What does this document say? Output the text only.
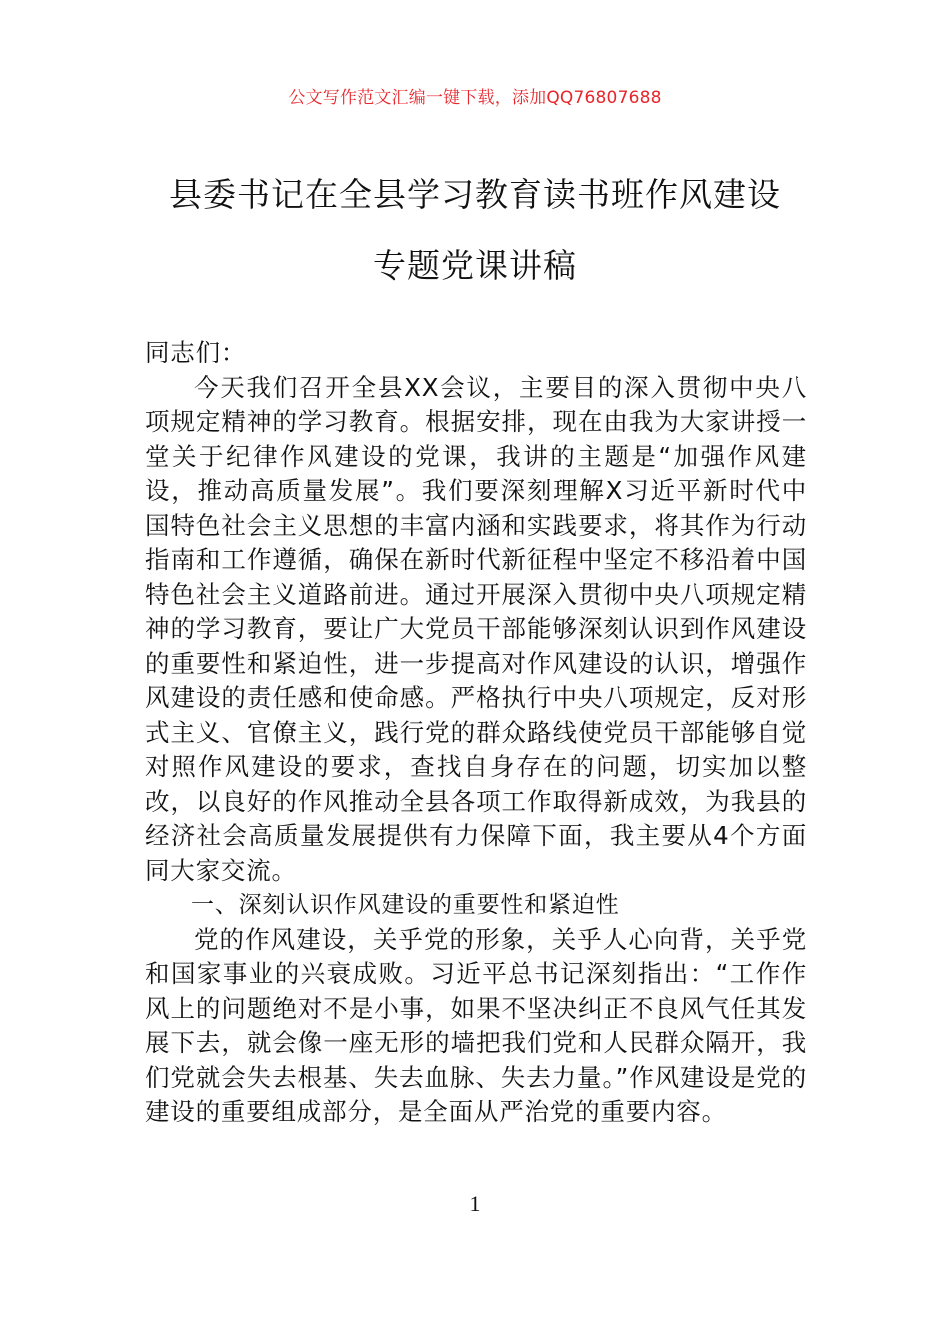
公文写作范文汇编一键下载，添加QQ76807688
县委书记在全县学习教育读书班作风建设
专题党课讲稿

同志们：

今天我们召开全县XX会议，主要目的深入贯彻中央八项规定精神的学习教育。根据安排，现在由我为大家讲授一堂关于纪律作风建设的党课，我讲的主题是“加强作风建设，推动高质量发展”。我们要深刻理解X习近平新时代中国特色社会主义思想的丰富内涵和实践要求，将其作为行动指南和工作遵循，确保在新时代新征程中坚定不移沿着中国特色社会主义道路前进。通过开展深入贯彻中央八项规定精神的学习教育，要让广大党员干部能够深刻认识到作风建设的重要性和紧迫性，进一步提高对作风建设的认识，增强作风建设的责任感和使命感。严格执行中央八项规定，反对形式主义、官僚主义，践行党的群众路线使党员干部能够自觉对照作风建设的要求，查找自身存在的问题，切实加以整改，以良好的作风推动全县各项工作取得新成效，为我县的经济社会高质量发展提供有力保障下面，我主要从4个方面同大家交流。

一、深刻认识作风建设的重要性和紧迫性

党的作风建设，关乎党的形象，关乎人心向背，关乎党和国家事业的兴衰成败。习近平总书记深刻指出：“工作作风上的问题绝对不是小事，如果不坚决纠正不良风气任其发展下去，就会像一座无形的墙把我们党和人民群众隔开，我们党就会失去根基、失去血脉、失去力量。”作风建设是党的建设的重要组成部分，是全面从严治党的重要内容。

1
